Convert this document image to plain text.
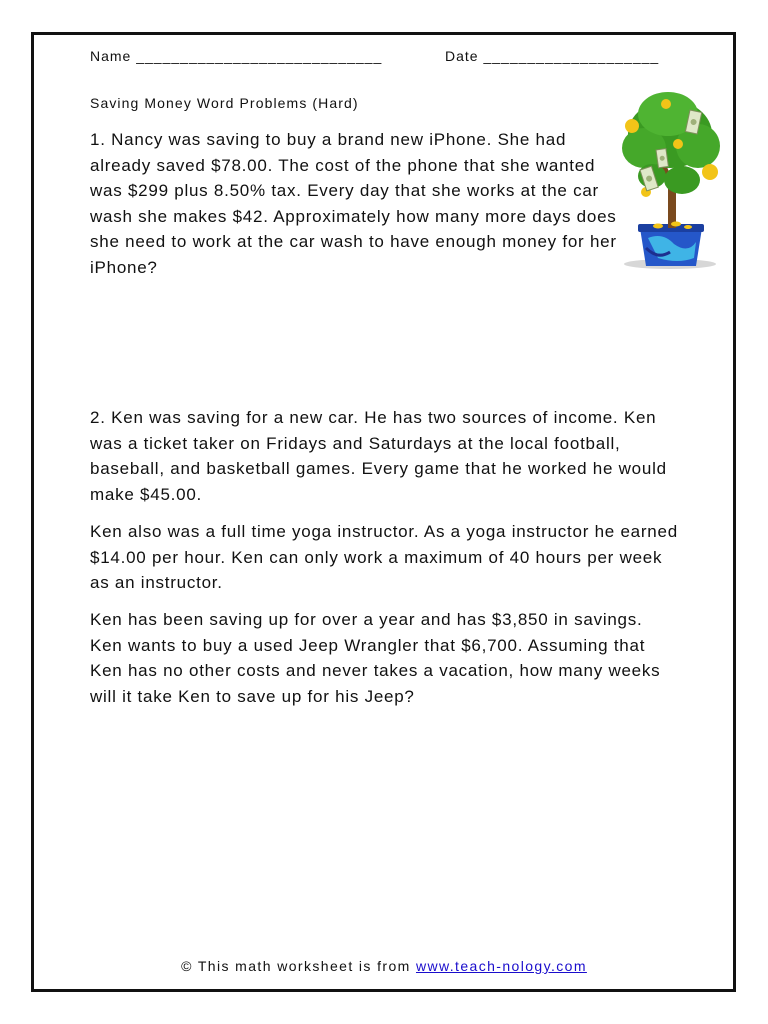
Name ____________________________	Date ____________________
Saving Money Word Problems (Hard)

1. Nancy was saving to buy a brand new iPhone. She had already saved $78.00. The cost of the phone that she wanted was $299 plus 8.50% tax. Every day that she works at the car wash she makes $42. Approximately how many more days does she need to work at the car wash to have enough money for her iPhone?

2. Ken was saving for a new car. He has two sources of income. Ken was a ticket taker on Fridays and Saturdays at the local football, baseball, and basketball games. Every game that he worked he would make $45.00.

Ken also was a full time yoga instructor. As a yoga instructor he earned $14.00 per hour. Ken can only work a maximum of 40 hours per week as an instructor.

Ken has been saving up for over a year and has $3,850 in savings. Ken wants to buy a used Jeep Wrangler that $6,700. Assuming that Ken has no other costs and never takes a vacation, how many weeks will it take Ken to save up for his Jeep?

© This math worksheet is from www.teach-nology.com
